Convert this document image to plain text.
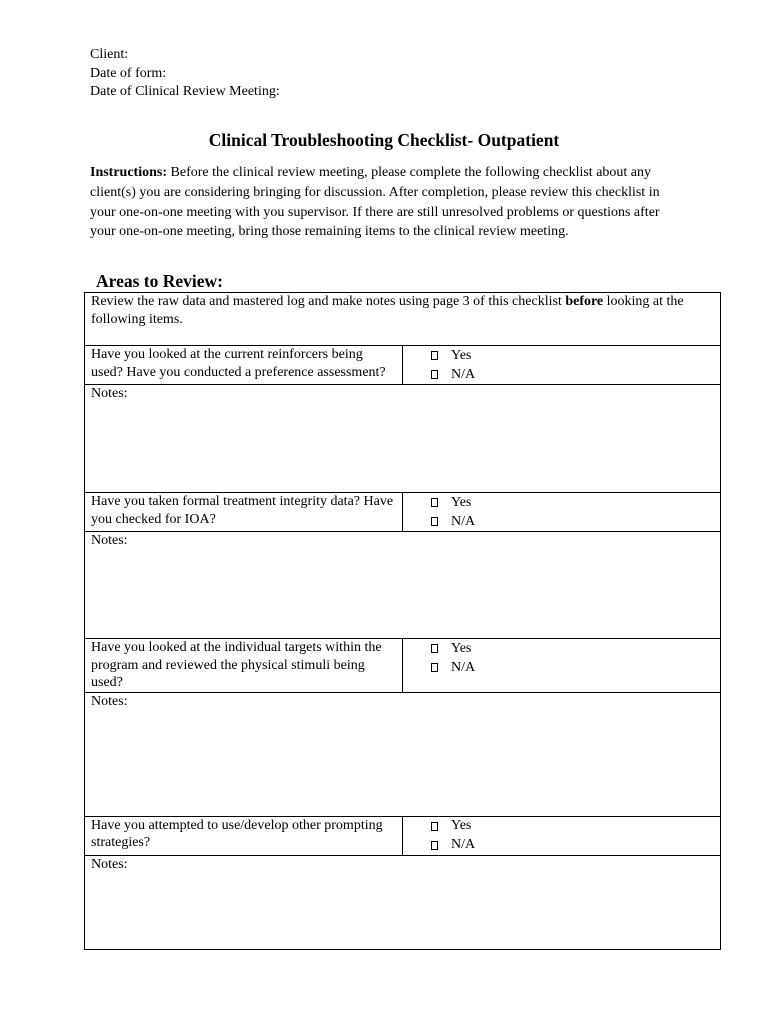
Client:
Date of form:
Date of Clinical Review Meeting:
Clinical Troubleshooting Checklist- Outpatient
Instructions: Before the clinical review meeting, please complete the following checklist about any client(s) you are considering bringing for discussion. After completion, please review this checklist in your one-on-one meeting with you supervisor. If there are still unresolved problems or questions after your one-on-one meeting, bring those remaining items to the clinical review meeting.
Areas to Review:
Review the raw data and mastered log and make notes using page 3 of this checklist before looking at the following items.	
Have you looked at the current reinforcers being used? Have you conducted a preference assessment?	Yes
N/A

Notes:	
Have you taken formal treatment integrity data? Have you checked for IOA?	Yes
N/A

Notes:	
Have you looked at the individual targets within the program and reviewed the physical stimuli being used?	Yes
N/A

Notes:	
Have you attempted to use/develop other prompting strategies?	Yes
N/A

Notes:	
